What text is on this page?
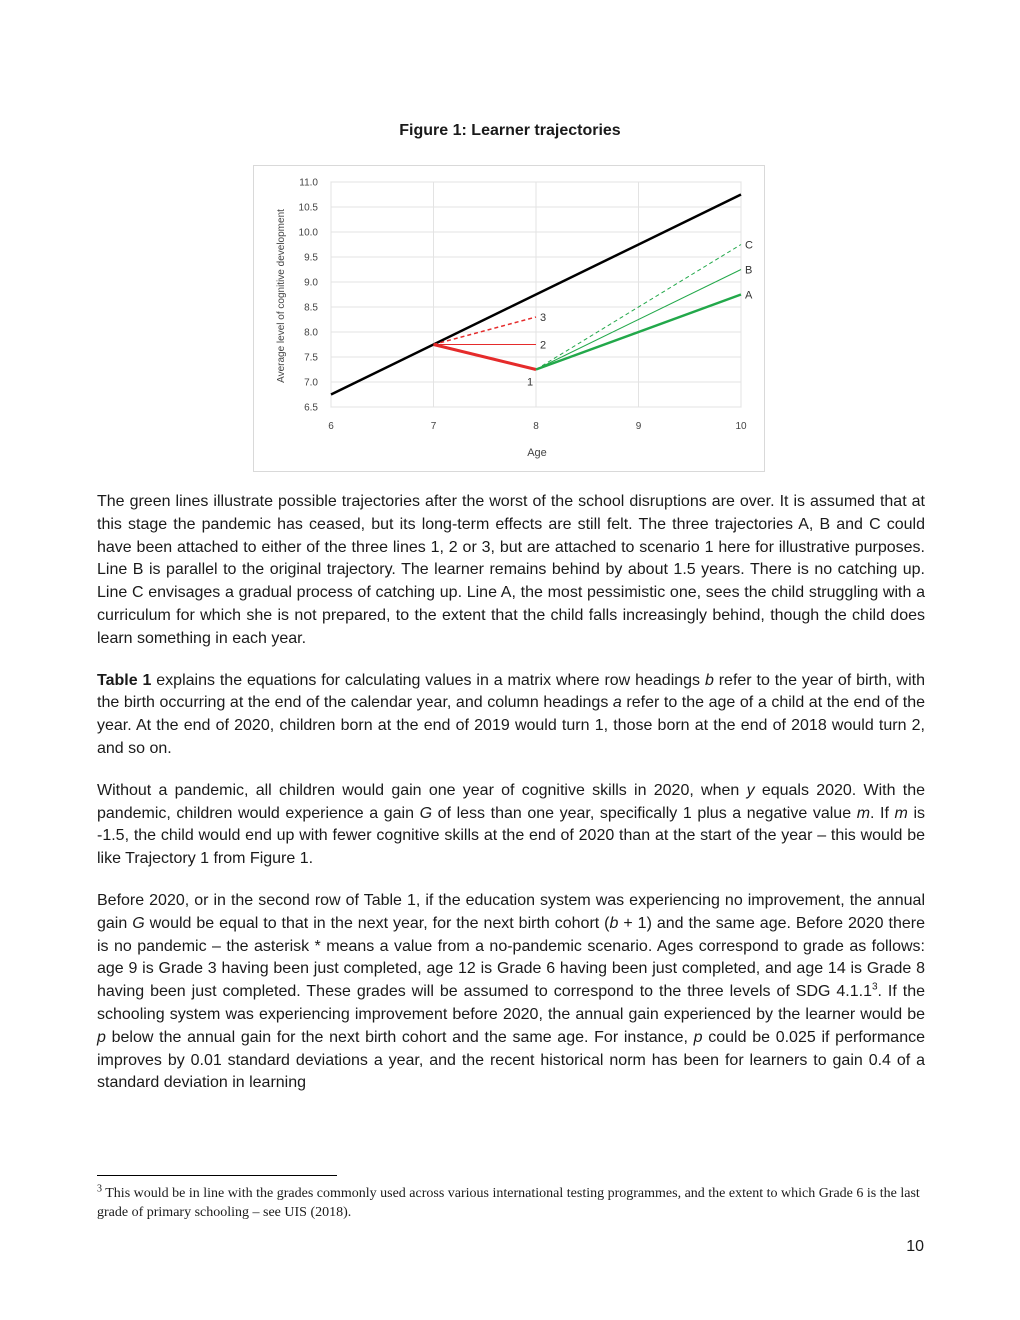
Figure 1: Learner trajectories
1
2
3
A
B
C
6.5
7.0
7.5
8.0
8.5
9.0
9.5
10.0
10.5
11.0
6	7	8	9	10
Age
Average level of cognitive development

The green lines illustrate possible trajectories after the worst of the school disruptions are over. It is assumed that at this stage the pandemic has ceased, but its long-term effects are still felt. The three trajectories A, B and C could have been attached to either of the three lines 1, 2 or 3, but are attached to scenario 1 here for illustrative purposes. Line B is parallel to the original trajectory. The learner remains behind by about 1.5 years. There is no catching up. Line C envisages a gradual process of catching up. Line A, the most pessimistic one, sees the child struggling with a curriculum for which she is not prepared, to the extent that the child falls increasingly behind, though the child does learn something in each year.

Table 1 explains the equations for calculating values in a matrix where row headings b refer to the year of birth, with the birth occurring at the end of the calendar year, and column headings a refer to the age of a child at the end of the year. At the end of 2020, children born at the end of 2019 would turn 1, those born at the end of 2018 would turn 2, and so on.

Without a pandemic, all children would gain one year of cognitive skills in 2020, when y equals 2020. With the pandemic, children would experience a gain G of less than one year, specifically 1 plus a negative value m. If m is -1.5, the child would end up with fewer cognitive skills at the end of 2020 than at the start of the year – this would be like Trajectory 1 from Figure 1.

Before 2020, or in the second row of Table 1, if the education system was experiencing no improvement, the annual gain G would be equal to that in the next year, for the next birth cohort (b + 1) and the same age. Before 2020 there is no pandemic – the asterisk * means a value from a no-pandemic scenario. Ages correspond to grade as follows: age 9 is Grade 3 having been just completed, age 12 is Grade 6 having been just completed, and age 14 is Grade 8 having been just completed. These grades will be assumed to correspond to the three levels of SDG 4.1.1$^3$. If the schooling system was experiencing improvement before 2020, the annual gain experienced by the learner would be p below the annual gain for the next birth cohort and the same age. For instance, p could be 0.025 if performance improves by 0.01 standard deviations a year, and the recent historical norm has been for learners to gain 0.4 of a standard deviation in learning

$^3$ This would be in line with the grades commonly used across various international testing programmes, and the extent to which Grade 6 is the last grade of primary schooling – see UIS (2018).
10
